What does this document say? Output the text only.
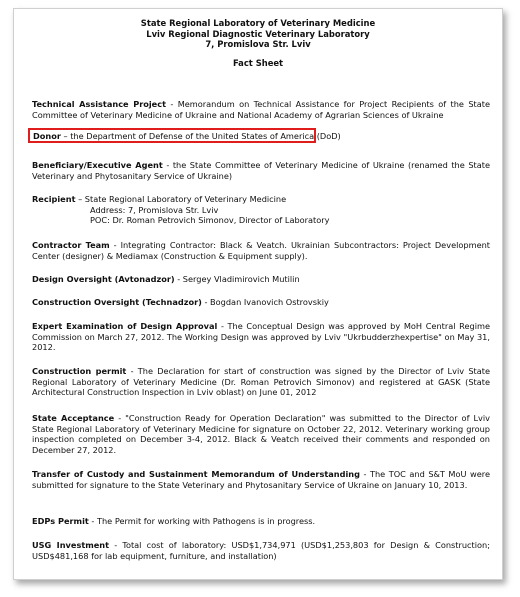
State Regional Laboratory of Veterinary Medicine
Lviv Regional Diagnostic Veterinary Laboratory
7, Promislova Str. Lviv
Fact Sheet
Technical Assistance Project - Memorandum on Technical Assistance for Project Recipients of the State Committee of Veterinary Medicine of Ukraine and National Academy of Agrarian Sciences of Ukraine
Donor – the Department of Defense of the United States of America (DoD)
Beneficiary/Executive Agent - the State Committee of Veterinary Medicine of Ukraine (renamed the State Veterinary and Phytosanitary Service of Ukraine)
Recipient – State Regional Laboratory of Veterinary Medicine
Address: 7, Promislova Str. Lviv
POC: Dr. Roman Petrovich Simonov, Director of Laboratory
Contractor Team - Integrating Contractor: Black & Veatch. Ukrainian Subcontractors: Project Development Center (designer) & Mediamax (Construction & Equipment supply).
Design Oversight (Avtonadzor) - Sergey Vladimirovich Mutilin
Construction Oversight (Technadzor) - Bogdan Ivanovich Ostrovskiy
Expert Examination of Design Approval - The Conceptual Design was approved by MoH Central Regime Commission on March 27, 2012. The Working Design was approved by Lviv "Ukrbudderzhexpertise" on May 31, 2012.
Construction permit - The Declaration for start of construction was signed by the Director of Lviv State Regional Laboratory of Veterinary Medicine (Dr. Roman Petrovich Simonov) and registered at GASK (State Architectural Construction Inspection in Lviv oblast) on June 01, 2012
State Acceptance - "Construction Ready for Operation Declaration" was submitted to the Director of Lviv State Regional Laboratory of Veterinary Medicine for signature on October 22, 2012. Veterinary working group inspection completed on December 3-4, 2012. Black & Veatch received their comments and responded on December 27, 2012.
Transfer of Custody and Sustainment Memorandum of Understanding - The TOC and S&T MoU were submitted for signature to the State Veterinary and Phytosanitary Service of Ukraine on January 10, 2013.
EDPs Permit - The Permit for working with Pathogens is in progress.
USG Investment - Total cost of laboratory: USD$1,734,971 (USD$1,253,803 for Design & Construction; USD$481,168 for lab equipment, furniture, and installation)
